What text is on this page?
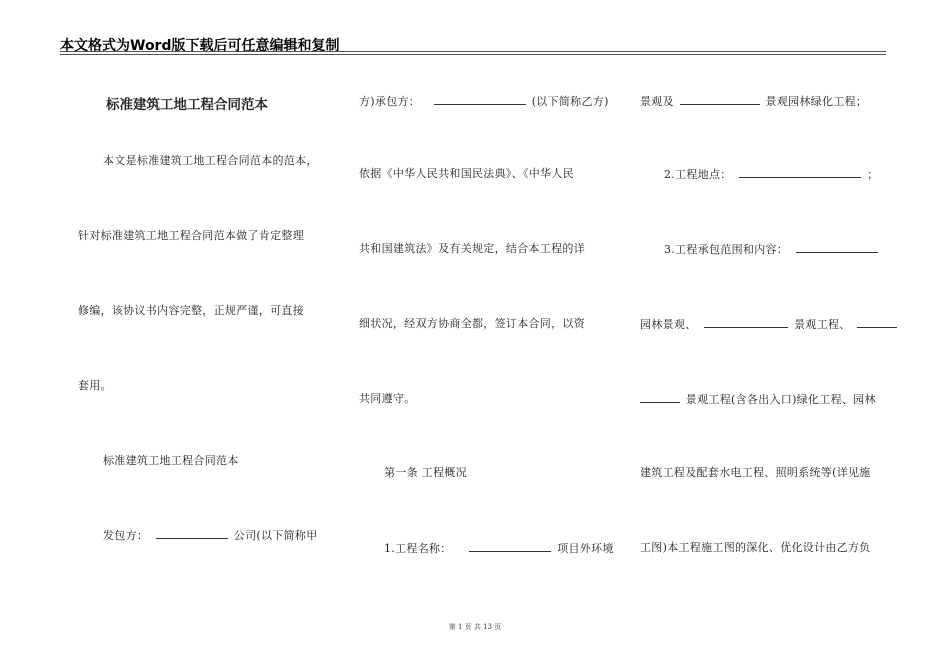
本文格式为Word版下载后可任意编辑和复制
标准建筑工地工程合同范本
本文是标准建筑工地工程合同范本的范本，
针对标准建筑工地工程合同范本做了肯定整理
修编，该协议书内容完整，正规严谨，可直接
套用。
标准建筑工地工程合同范本
发包方：	公司(以下简称甲
方)承包方：	(以下简称乙方)
依据《中华人民共和国民法典》、《中华人民
共和国建筑法》及有关规定，结合本工程的详
细状况，经双方协商全都，签订本合同，以资
共同遵守。
第一条 工程概况
1.工程名称：	项目外环境
景观及	景观园林绿化工程；
2.工程地点：	；
3.工程承包范围和内容：
园林景观、	景观工程、
景观工程(含各出入口)绿化工程、园林
建筑工程及配套水电工程、照明系统等(详见施
工图)本工程施工图的深化、优化设计由乙方负
第 1 页 共 13 页
